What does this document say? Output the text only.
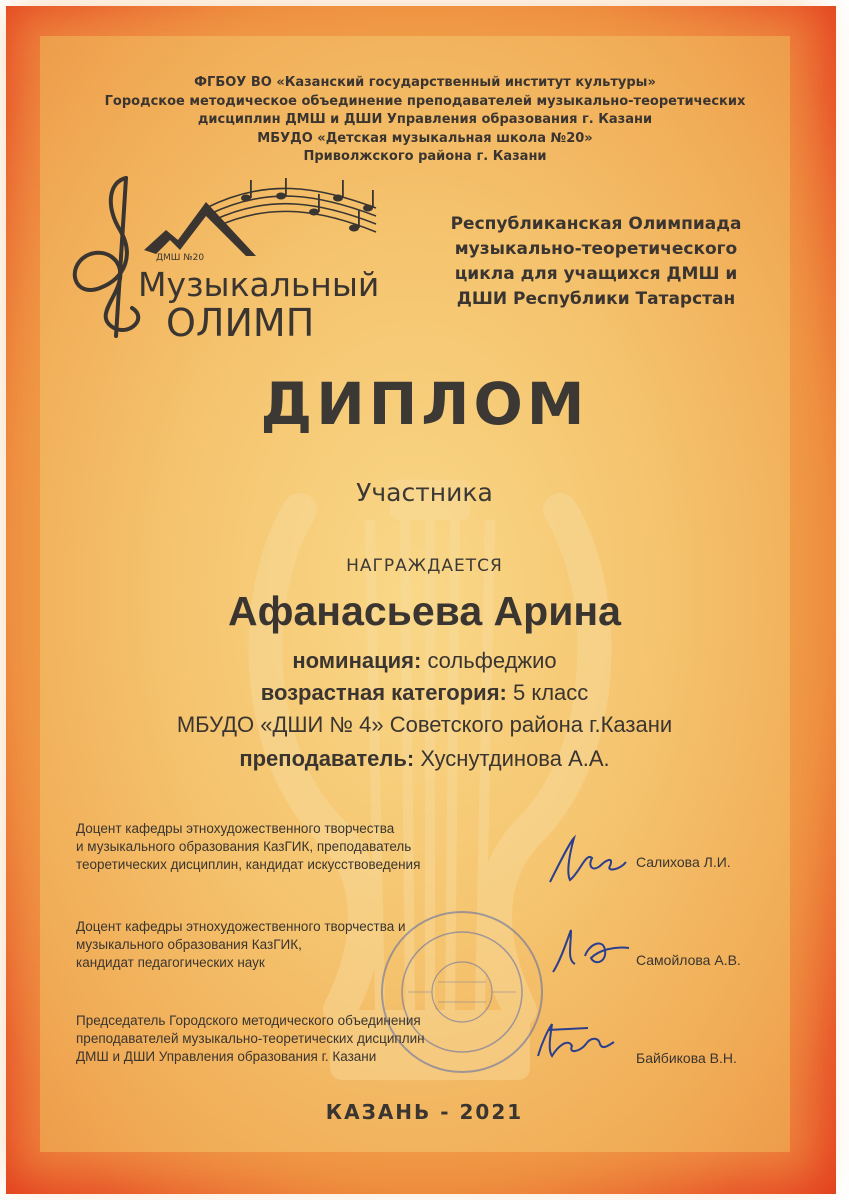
ФГБОУ ВО «Казанский государственный институт культуры»
Городское методическое объединение преподавателей музыкально-теоретических
дисциплин ДМШ и ДШИ Управления образования г. Казани
МБУДО «Детская музыкальная школа №20»
Приволжского района г. Казани
ДМШ №20
Музыкальный
ОЛИМП
Республиканская Олимпиада
музыкально-теоретического
цикла для учащихся ДМШ и
ДШИ Республики Татарстан
ДИПЛОМ
Участника
НАГРАЖДАЕТСЯ
Афанасьева Арина
номинация: сольфеджио
возрастная категория: 5 класс
МБУДО «ДШИ № 4» Советского района г.Казани
преподаватель: Хуснутдинова А.А.
Доцент кафедры этнохудожественного творчества
и музыкального образования КазГИК, преподаватель
теоретических дисциплин, кандидат искусствоведения	Салихова Л.И.
Доцент кафедры этнохудожественного творчества и
музыкального образования КазГИК,
кандидат педагогических наук	Самойлова А.В.
Председатель Городского методического объединения
преподавателей музыкально-теоретических дисциплин
ДМШ и ДШИ Управления образования г. Казани	Байбикова В.Н.
КАЗАНЬ - 2021
